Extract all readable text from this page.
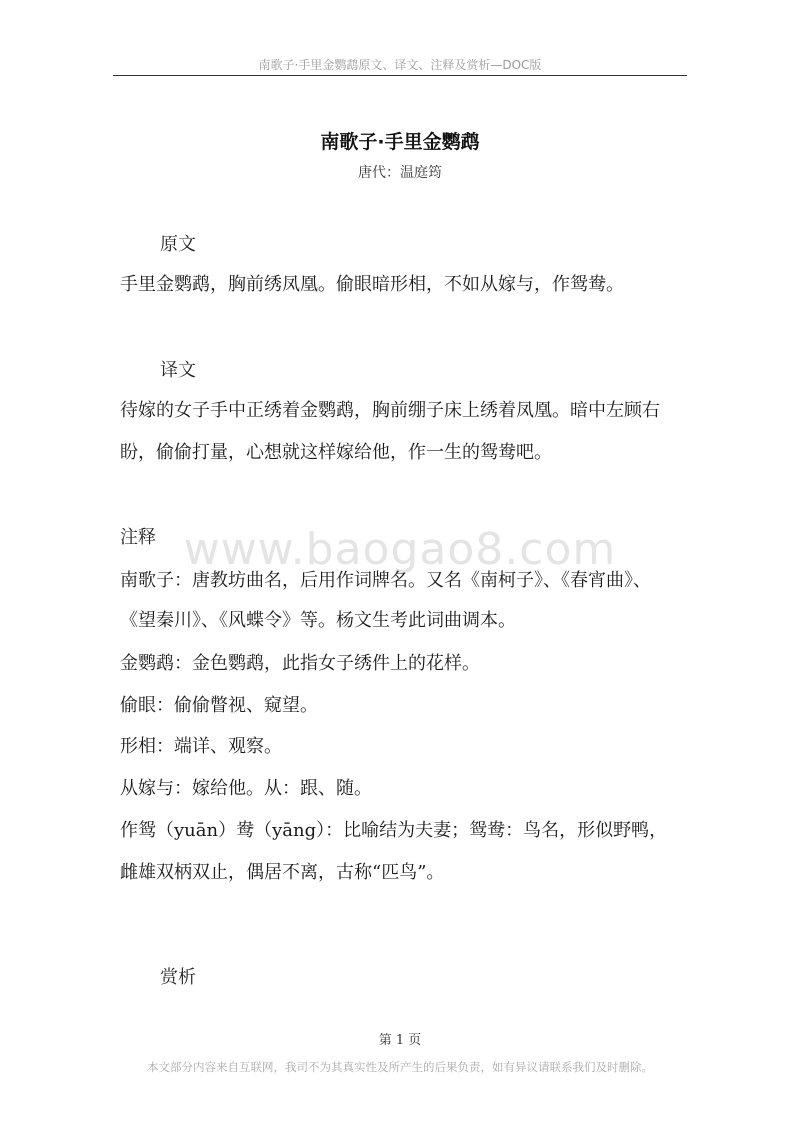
南歌子·手里金鹦鹉原文、译文、注释及赏析—DOC版
www.baogao8.com
南歌子·手里金鹦鹉
唐代：温庭筠
原文
手里金鹦鹉，胸前绣凤凰。偷眼暗形相，不如从嫁与，作鸳鸯。
译文
待嫁的女子手中正绣着金鹦鹉，胸前绷子床上绣着凤凰。暗中左顾右
盼，偷偷打量，心想就这样嫁给他，作一生的鸳鸯吧。
注释
南歌子：唐教坊曲名，后用作词牌名。又名《南柯子》、《春宵曲》、
《望秦川》、《风蝶令》等。杨文生考此词曲调本。
金鹦鹉：金色鹦鹉，此指女子绣件上的花样。
偷眼：偷偷瞥视、窥望。
形相：端详、观察。
从嫁与：嫁给他。从：跟、随。
作鸳（yuān）鸯（yāng）：比喻结为夫妻；鸳鸯：鸟名，形似野鸭，
雌雄双柄双止，偶居不离，古称“匹鸟”。
赏析
第 1 页
本文部分内容来自互联网，我司不为其真实性及所产生的后果负责，如有异议请联系我们及时删除。
